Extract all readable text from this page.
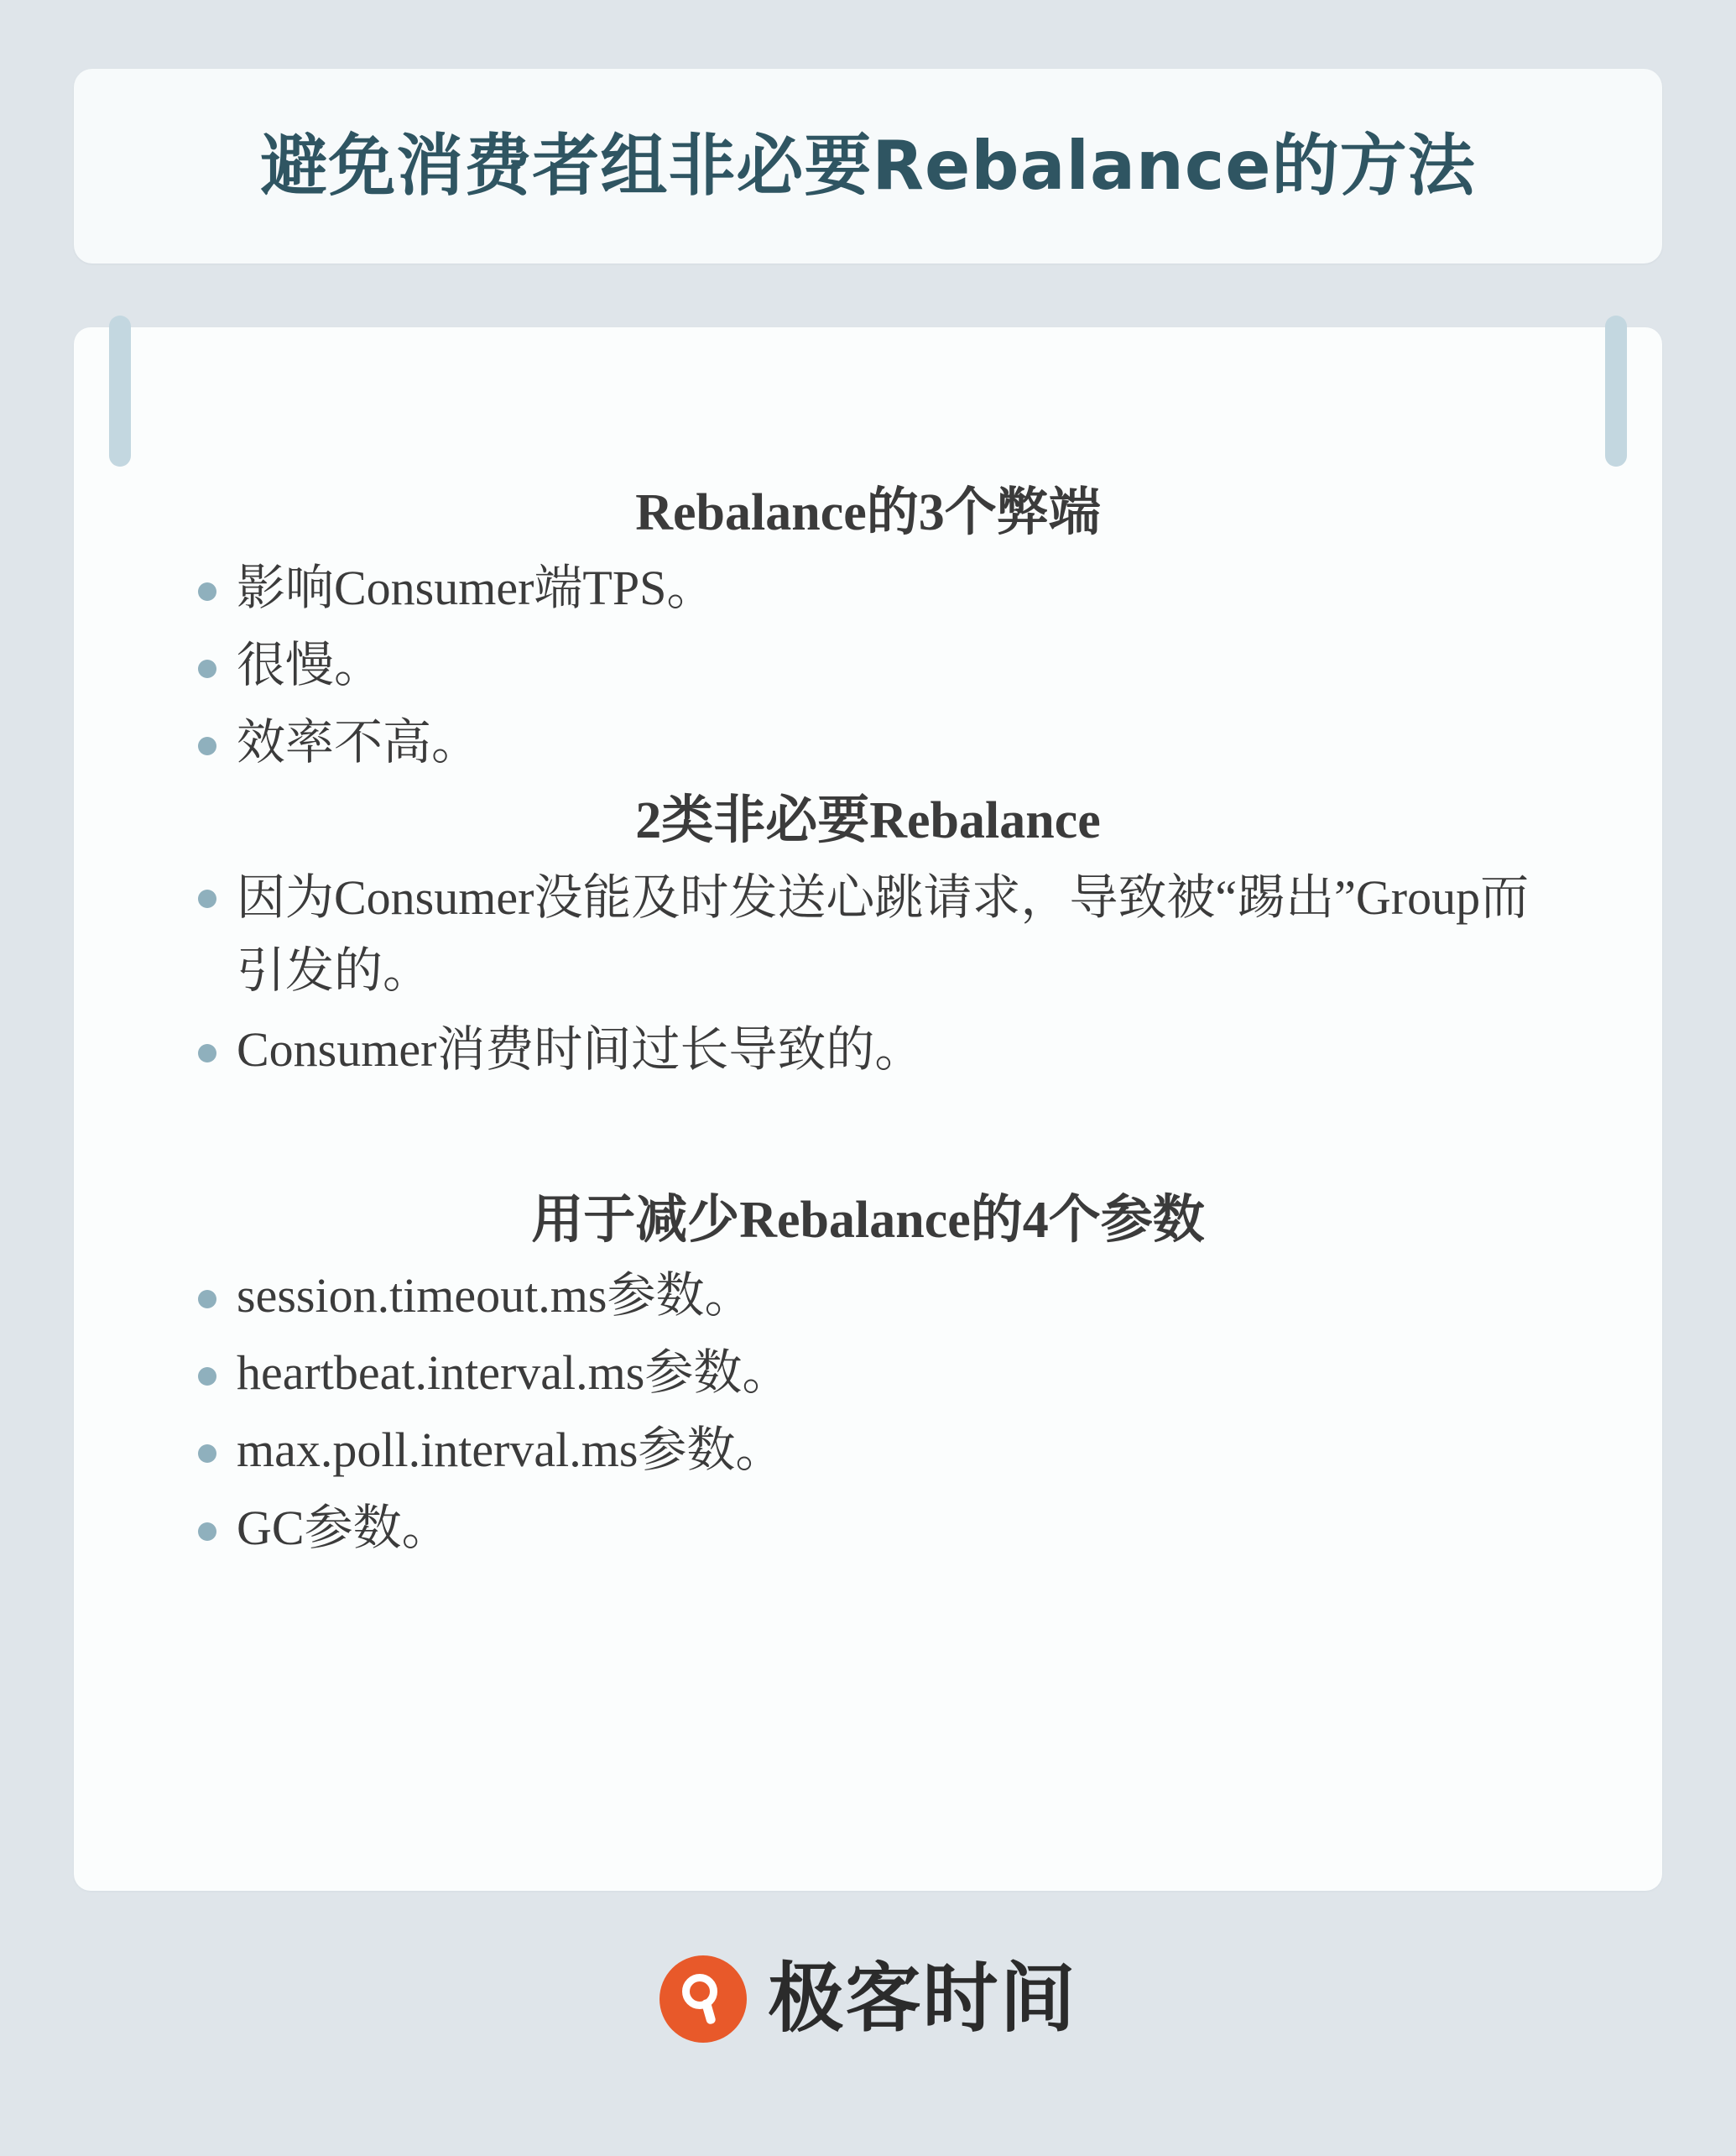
避免消费者组非必要Rebalance的方法
Rebalance的3个弊端
影响Consumer端TPS。
很慢。
效率不高。
2类非必要Rebalance
因为Consumer没能及时发送心跳请求，导致被“踢出”Group而引发的。
Consumer消费时间过长导致的。
用于减少Rebalance的4个参数
session.timeout.ms参数。
heartbeat.interval.ms参数。
max.poll.interval.ms参数。
GC参数。
极客时间
